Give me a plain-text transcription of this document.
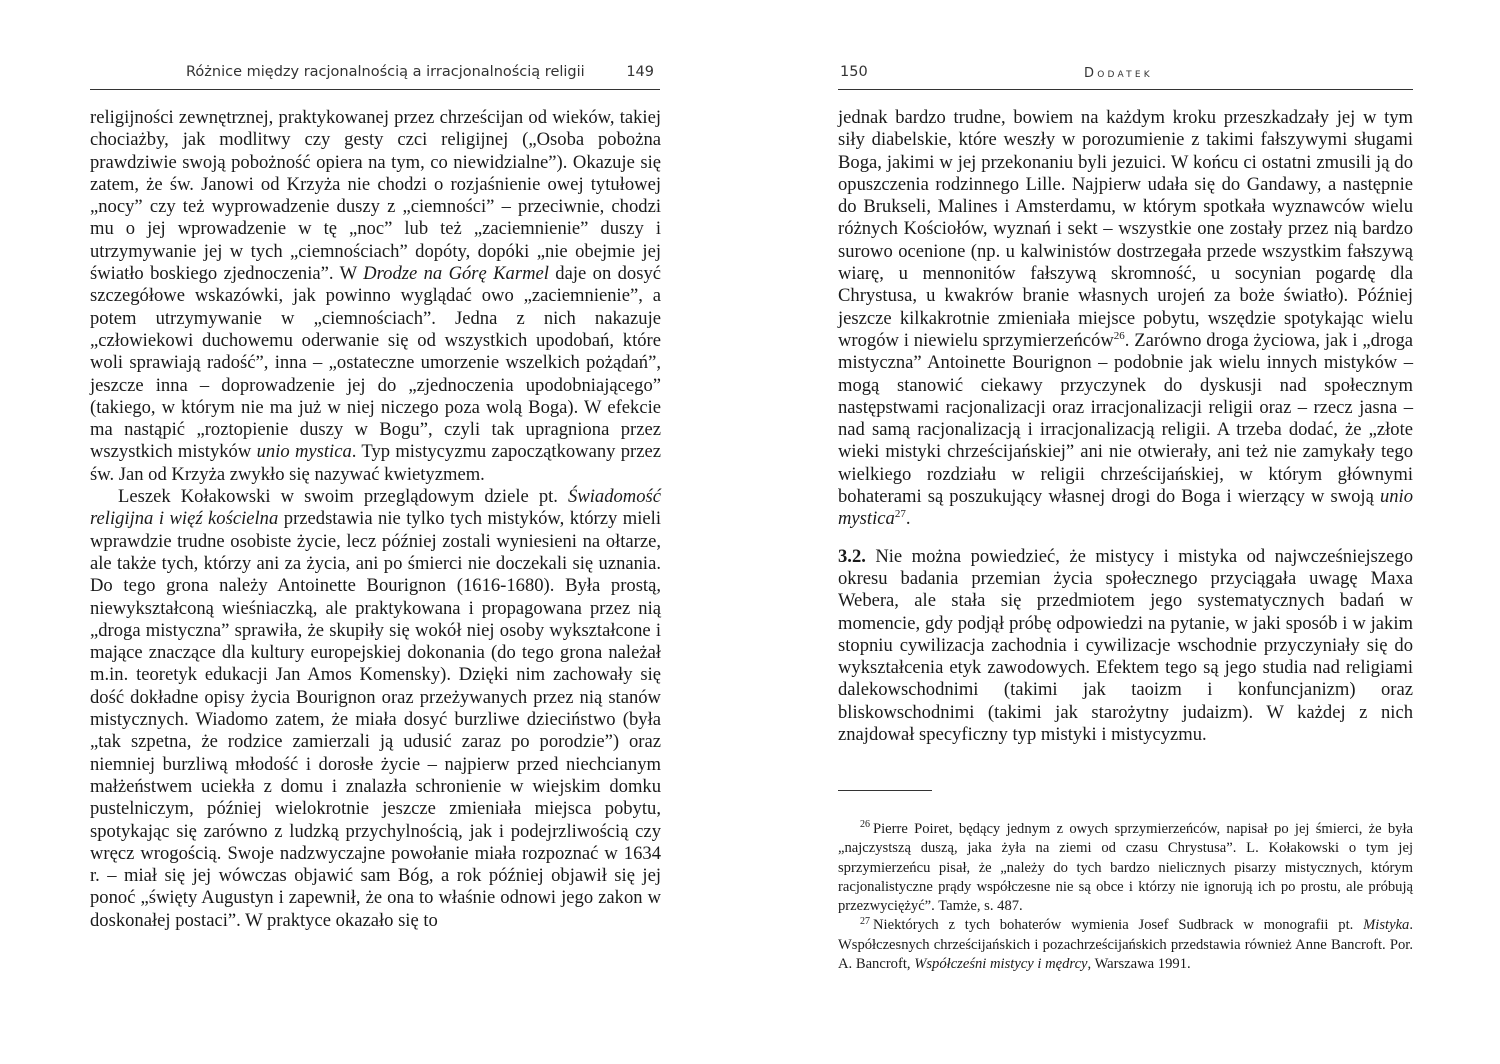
Różnice między racjonalnością a irracjonalnością religii	149

religijności zewnętrznej, praktykowanej przez chrześcijan od wieków, takiej chociażby, jak modlitwy czy gesty czci religijnej („Osoba pobożna prawdziwie swoją pobożność opiera na tym, co niewidzialne”). Okazuje się zatem, że św. Janowi od Krzyża nie chodzi o rozjaśnienie owej tytułowej „nocy” czy też wyprowadzenie duszy z „ciemności” – przeciwnie, chodzi mu o jej wprowadzenie w tę „noc” lub też „zaciemnienie” duszy i utrzymywanie jej w tych „ciemnościach” dopóty, dopóki „nie obejmie jej światło boskiego zjednoczenia”. W Drodze na Górę Karmel daje on dosyć szczegółowe wskazówki, jak powinno wyglądać owo „zaciemnienie”, a potem utrzymywanie w „ciemnościach”. Jedna z nich nakazuje „człowiekowi duchowemu oderwanie się od wszystkich upodobań, które woli sprawiają radość”, inna – „ostateczne umorzenie wszelkich pożądań”, jeszcze inna – doprowadzenie jej do „zjednoczenia upodobniającego” (takiego, w którym nie ma już w niej niczego poza wolą Boga). W efekcie ma nastąpić „roztopienie duszy w Bogu”, czyli tak upragniona przez wszystkich mistyków unio mystica. Typ mistycyzmu zapoczątkowany przez św. Jan od Krzyża zwykło się nazywać kwietyzmem.

Leszek Kołakowski w swoim przeglądowym dziele pt. Świadomość religijna i więź kościelna przedstawia nie tylko tych mistyków, którzy mieli wprawdzie trudne osobiste życie, lecz później zostali wyniesieni na ołtarze, ale także tych, którzy ani za życia, ani po śmierci nie doczekali się uznania. Do tego grona należy Antoinette Bourignon (1616-1680). Była prostą, niewykształconą wieśniaczką, ale praktykowana i propagowana przez nią „droga mistyczna” sprawiła, że skupiły się wokół niej osoby wykształcone i mające znaczące dla kultury europejskiej dokonania (do tego grona należał m.in. teoretyk edukacji Jan Amos Komensky). Dzięki nim zachowały się dość dokładne opisy życia Bourignon oraz przeżywanych przez nią stanów mistycznych. Wiadomo zatem, że miała dosyć burzliwe dzieciństwo (była „tak szpetna, że rodzice zamierzali ją udusić zaraz po porodzie”) oraz niemniej burzliwą młodość i dorosłe życie – najpierw przed niechcianym małżeństwem uciekła z domu i znalazła schronienie w wiejskim domku pustelniczym, później wielokrotnie jeszcze zmieniała miejsca pobytu, spotykając się zarówno z ludzką przychylnością, jak i podejrzliwością czy wręcz wrogością. Swoje nadzwyczajne powołanie miała rozpoznać w 1634 r. – miał się jej wówczas objawić sam Bóg, a rok później objawił się jej ponoć „święty Augustyn i zapewnił, że ona to właśnie odnowi jego zakon w doskonałej postaci”. W praktyce okazało się to

150	Dodatek

jednak bardzo trudne, bowiem na każdym kroku przeszkadzały jej w tym siły diabelskie, które weszły w porozumienie z takimi fałszywymi sługami Boga, jakimi w jej przekonaniu byli jezuici. W końcu ci ostatni zmusili ją do opuszczenia rodzinnego Lille. Najpierw udała się do Gandawy, a następnie do Brukseli, Malines i Amsterdamu, w którym spotkała wyznawców wielu różnych Kościołów, wyznań i sekt – wszystkie one zostały przez nią bardzo surowo ocenione (np. u kalwinistów dostrzegała przede wszystkim fałszywą wiarę, u mennonitów fałszywą skromność, u socynian pogardę dla Chrystusa, u kwakrów branie własnych urojeń za boże światło). Później jeszcze kilkakrotnie zmieniała miejsce pobytu, wszędzie spotykając wielu wrogów i niewielu sprzymierzeńców$^{26}$. Zarówno droga życiowa, jak i „droga mistyczna” Antoinette Bourignon – podobnie jak wielu innych mistyków – mogą stanowić ciekawy przyczynek do dyskusji nad społecznym następstwami racjonalizacji oraz irracjonalizacji religii oraz – rzecz jasna – nad samą racjonalizacją i irracjonalizacją religii. A trzeba dodać, że „złote wieki mistyki chrześcijańskiej” ani nie otwierały, ani też nie zamykały tego wielkiego rozdziału w religii chrześcijańskiej, w którym głównymi bohaterami są poszukujący własnej drogi do Boga i wierzący w swoją unio mystica$^{27}$.

3.2. Nie można powiedzieć, że mistycy i mistyka od najwcześniejszego okresu badania przemian życia społecznego przyciągała uwagę Maxa Webera, ale stała się przedmiotem jego systematycznych badań w momencie, gdy podjął próbę odpowiedzi na pytanie, w jaki sposób i w jakim stopniu cywilizacja zachodnia i cywilizacje wschodnie przyczyniały się do wykształcenia etyk zawodowych. Efektem tego są jego studia nad religiami dalekowschodnimi (takimi jak taoizm i konfuncjanizm) oraz bliskowschodnimi (takimi jak starożytny judaizm). W każdej z nich znajdował specyficzny typ mistyki i mistycyzmu.

$^{26}$ Pierre Poiret, będący jednym z owych sprzymierzeńców, napisał po jej śmierci, że była „najczystszą duszą, jaka żyła na ziemi od czasu Chrystusa”. L. Kołakowski o tym jej sprzymierzeńcu pisał, że „należy do tych bardzo nielicznych pisarzy mistycznych, którym racjonalistyczne prądy współczesne nie są obce i którzy nie ignorują ich po prostu, ale próbują przezwyciężyć”. Tamże, s. 487.

$^{27}$ Niektórych z tych bohaterów wymienia Josef Sudbrack w monografii pt. Mistyka. Współczesnych chrześcijańskich i pozachrześcijańskich przedstawia również Anne Bancroft. Por. A. Bancroft, Współcześni mistycy i mędrcy, Warszawa 1991.
